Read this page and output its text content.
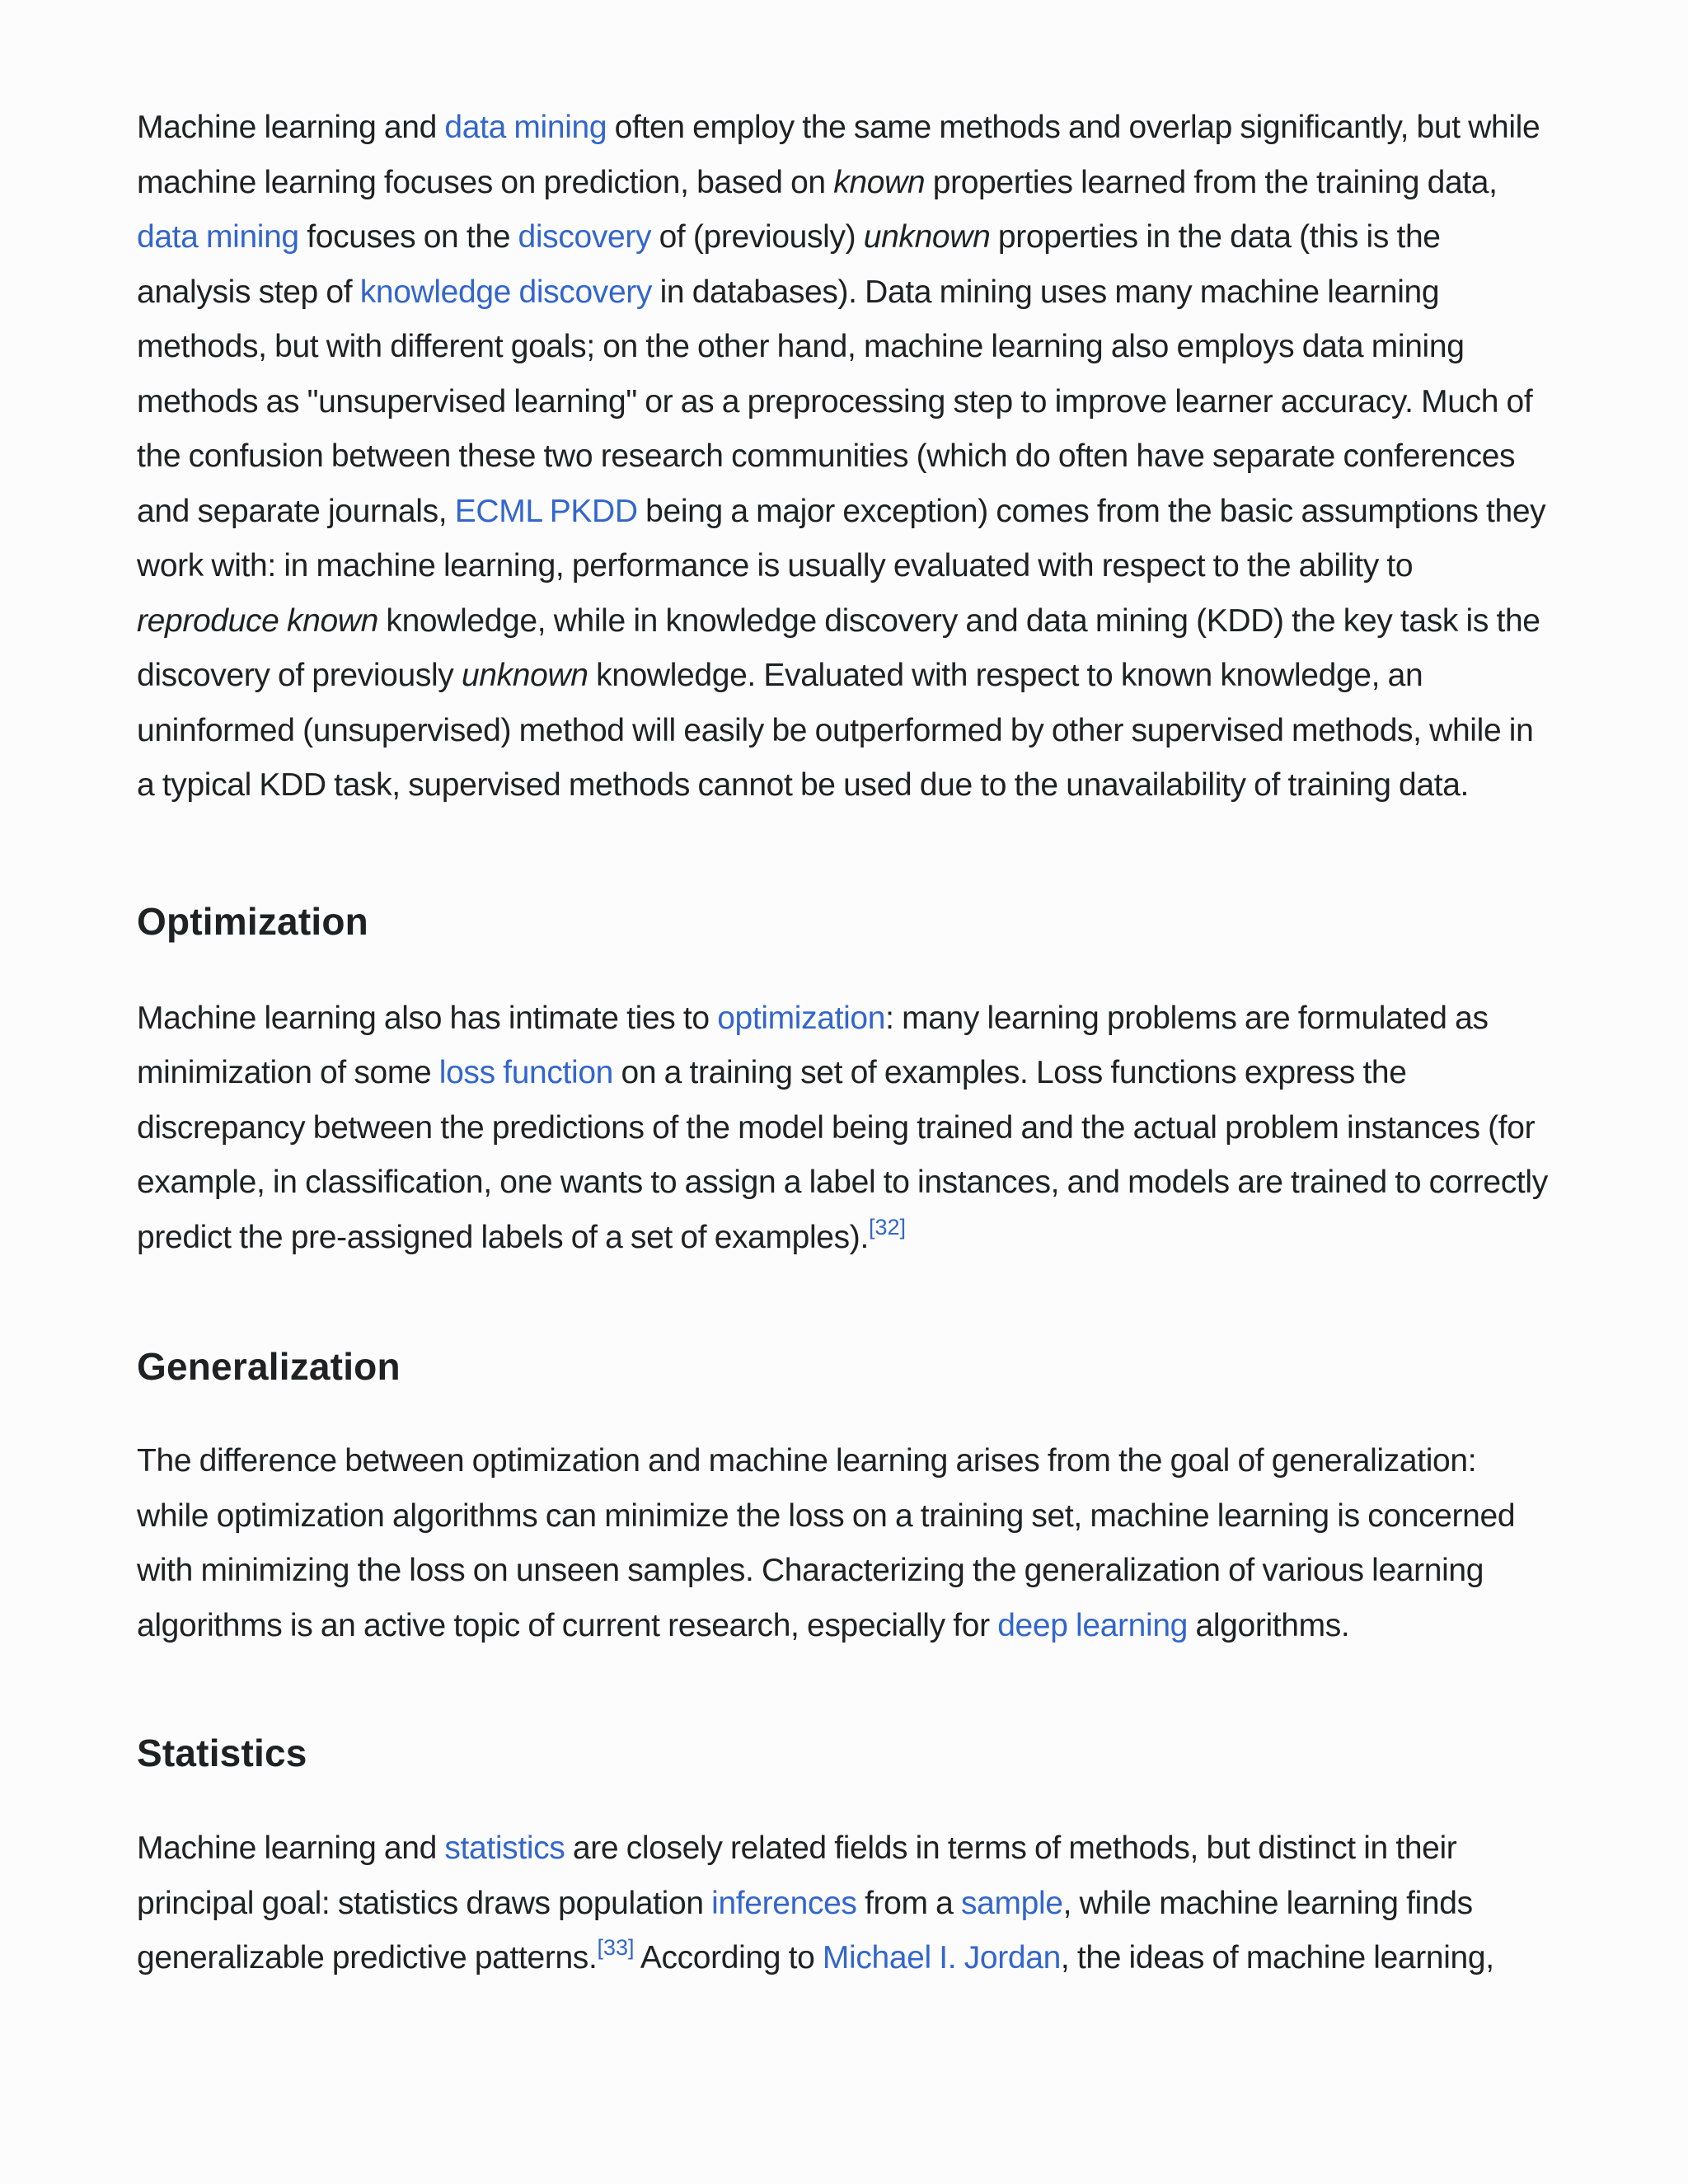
Machine learning and data mining often employ the same methods and overlap significantly, but while machine learning focuses on prediction, based on known properties learned from the training data, data mining focuses on the discovery of (previously) unknown properties in the data (this is the analysis step of knowledge discovery in databases). Data mining uses many machine learning methods, but with different goals; on the other hand, machine learning also employs data mining methods as "unsupervised learning" or as a preprocessing step to improve learner accuracy. Much of the confusion between these two research communities (which do often have separate conferences and separate journals, ECML PKDD being a major exception) comes from the basic assumptions they work with: in machine learning, performance is usually evaluated with respect to the ability to reproduce known knowledge, while in knowledge discovery and data mining (KDD) the key task is the discovery of previously unknown knowledge. Evaluated with respect to known knowledge, an uninformed (unsupervised) method will easily be outperformed by other supervised methods, while in a typical KDD task, supervised methods cannot be used due to the unavailability of training data.

Optimization

Machine learning also has intimate ties to optimization: many learning problems are formulated as minimization of some loss function on a training set of examples. Loss functions express the discrepancy between the predictions of the model being trained and the actual problem instances (for example, in classification, one wants to assign a label to instances, and models are trained to correctly predict the pre-assigned labels of a set of examples).[32]

Generalization

The difference between optimization and machine learning arises from the goal of generalization: while optimization algorithms can minimize the loss on a training set, machine learning is concerned with minimizing the loss on unseen samples. Characterizing the generalization of various learning algorithms is an active topic of current research, especially for deep learning algorithms.

Statistics

Machine learning and statistics are closely related fields in terms of methods, but distinct in their principal goal: statistics draws population inferences from a sample, while machine learning finds generalizable predictive patterns.[33] According to Michael I. Jordan, the ideas of machine learning,
